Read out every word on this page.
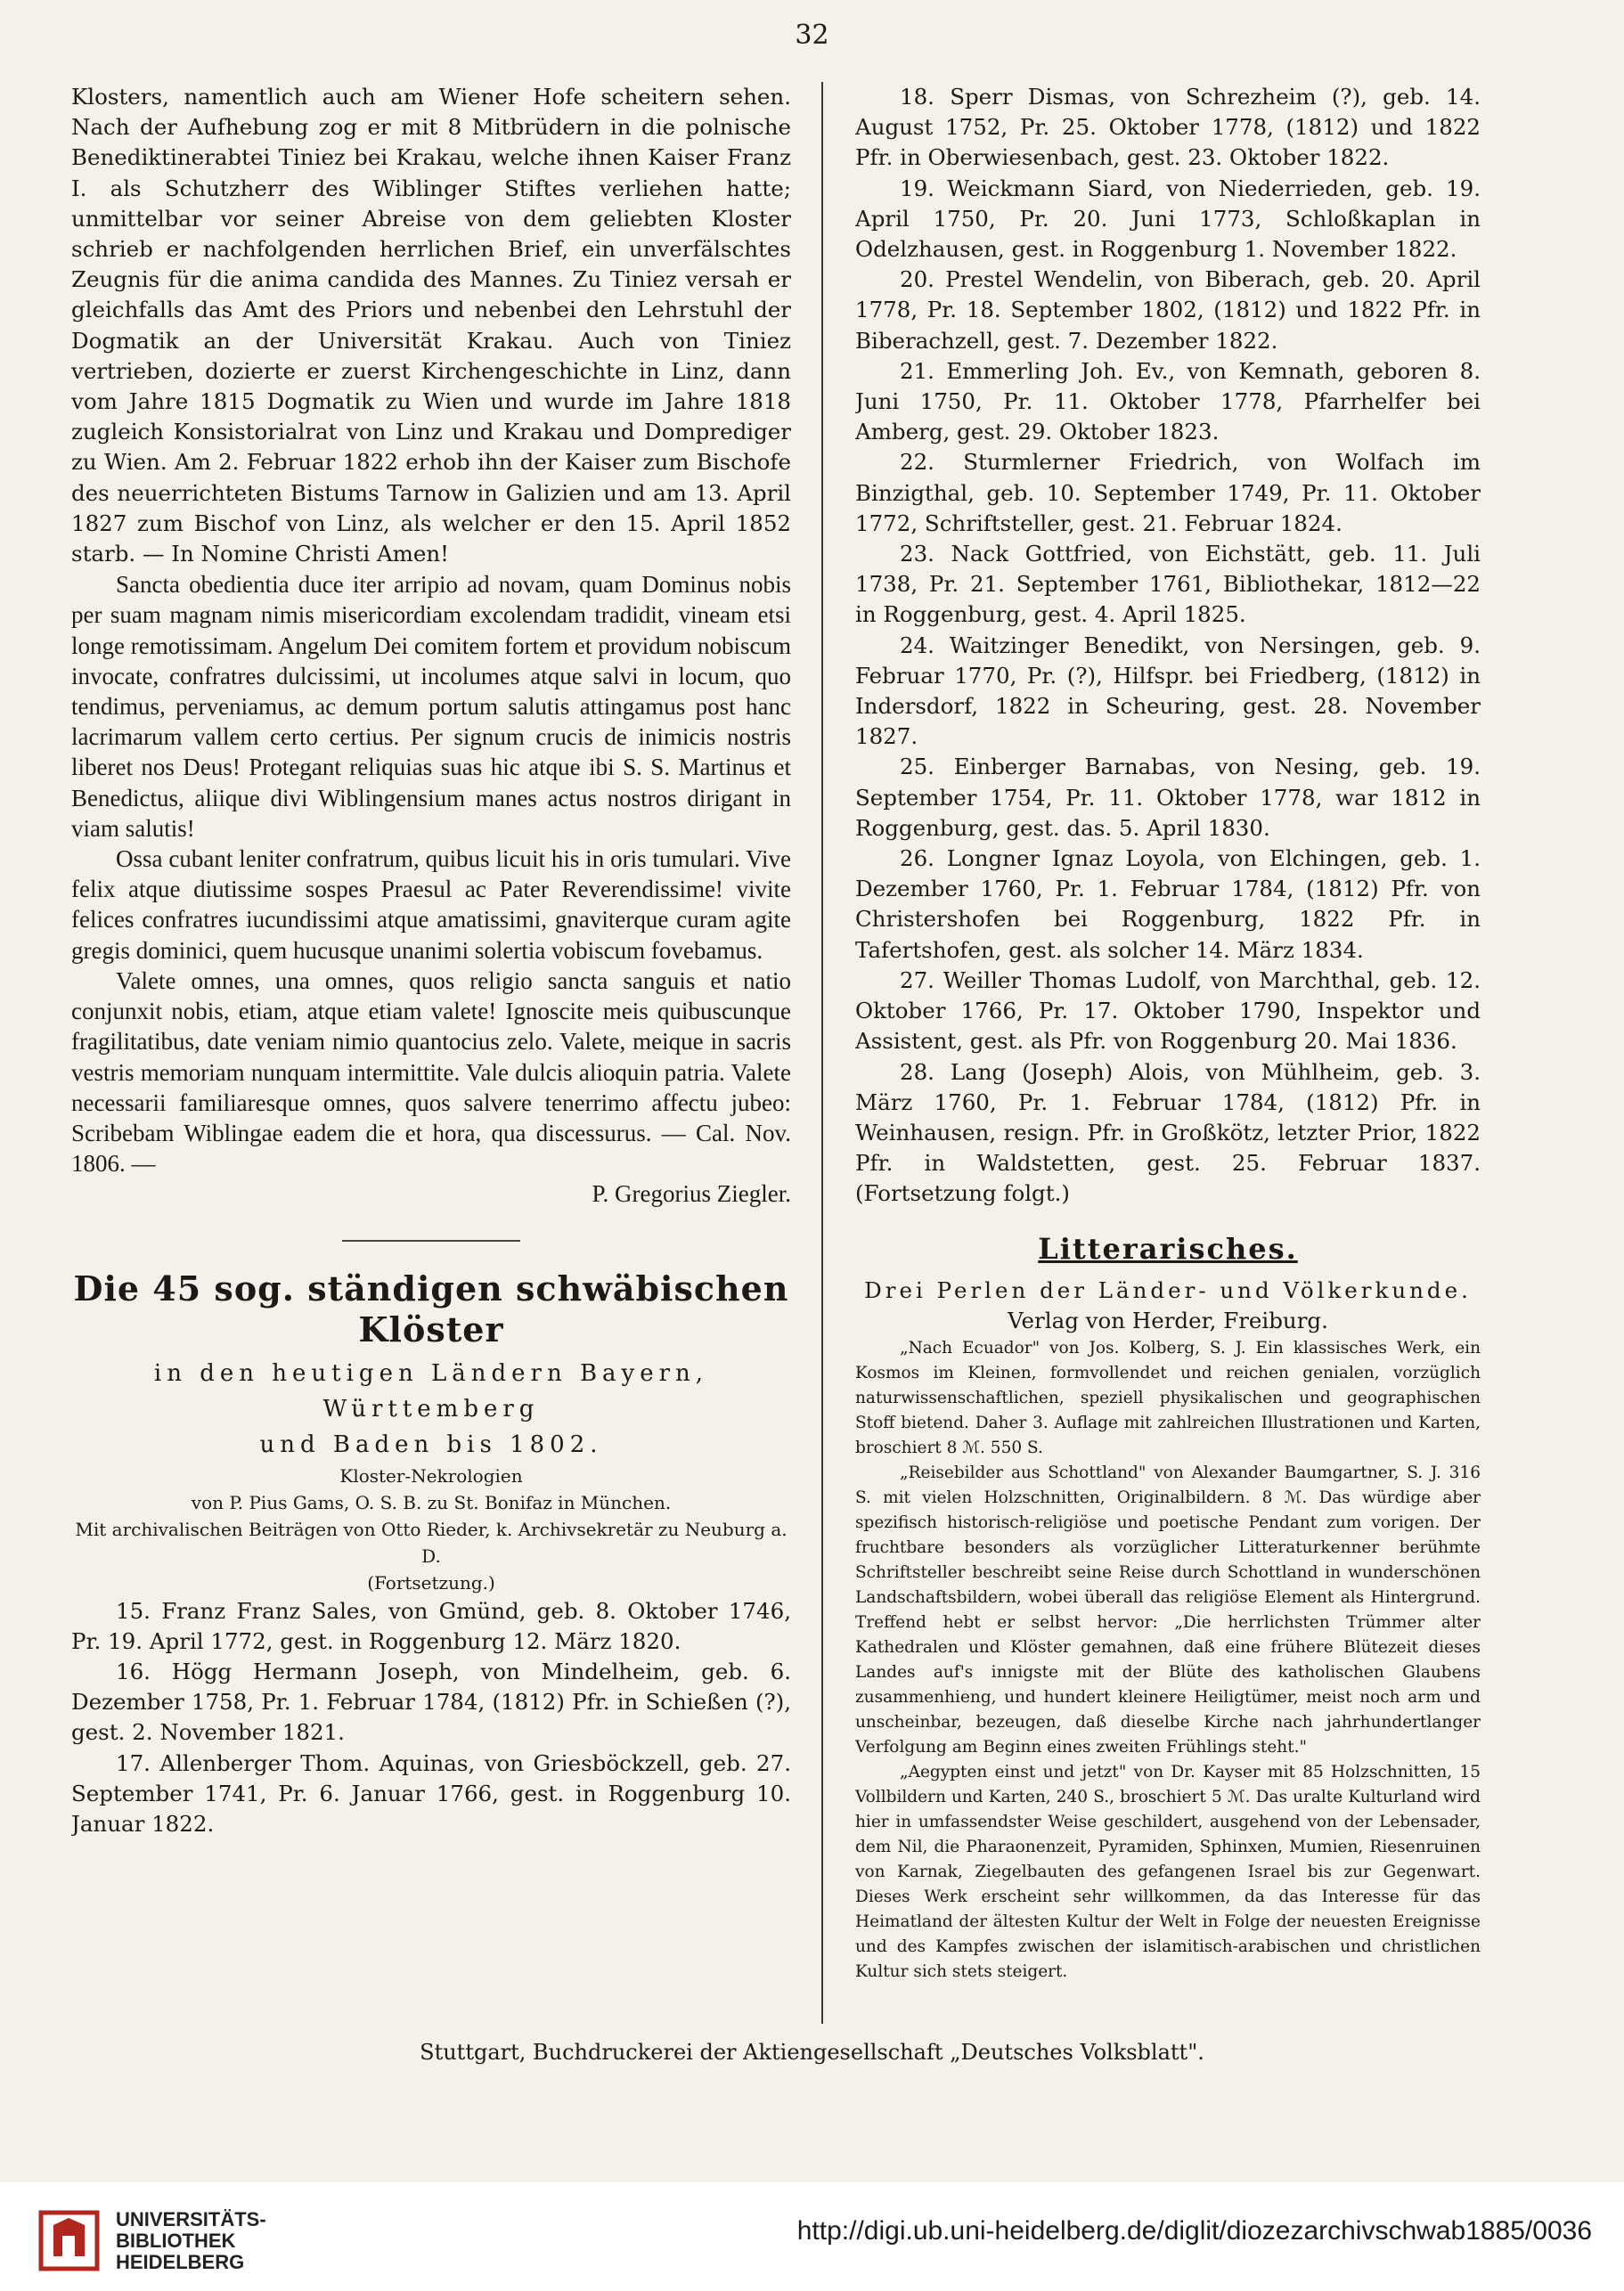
32

Klosters, namentlich auch am Wiener Hofe scheitern sehen. Nach der Aufhebung zog er mit 8 Mitbrüdern in die polnische Benediktinerabtei Tiniez bei Krakau, welche ihnen Kaiser Franz I. als Schutzherr des Wiblinger Stiftes verliehen hatte; unmittelbar vor seiner Abreise von dem geliebten Kloster schrieb er nachfolgenden herrlichen Brief, ein unverfälschtes Zeugnis für die anima candida des Mannes. Zu Tiniez versah er gleichfalls das Amt des Priors und nebenbei den Lehrstuhl der Dogmatik an der Universität Krakau. Auch von Tiniez vertrieben, dozierte er zuerst Kirchengeschichte in Linz, dann vom Jahre 1815 Dogmatik zu Wien und wurde im Jahre 1818 zugleich Konsistorialrat von Linz und Krakau und Domprediger zu Wien. Am 2. Februar 1822 erhob ihn der Kaiser zum Bischofe des neuerrichteten Bistums Tarnow in Galizien und am 13. April 1827 zum Bischof von Linz, als welcher er den 15. April 1852 starb. — In Nomine Christi Amen!

Sancta obedientia duce iter arripio ad novam, quam Dominus nobis per suam magnam nimis misericordiam excolendam tradidit, vineam etsi longe remotissimam. Angelum Dei comitem fortem et providum nobiscum invocate, confratres dulcissimi, ut incolumes atque salvi in locum, quo tendimus, perveniamus, ac demum portum salutis attingamus post hanc lacrimarum vallem certo certius. Per signum crucis de inimicis nostris liberet nos Deus! Protegant reliquias suas hic atque ibi S. S. Martinus et Benedictus, aliique divi Wiblingensium manes actus nostros dirigant in viam salutis!

Ossa cubant leniter confratrum, quibus licuit his in oris tumulari. Vive felix atque diutissime sospes Praesul ac Pater Reverendissime! vivite felices confratres iucundissimi atque amatissimi, gnaviterque curam agite gregis dominici, quem hucusque unanimi solertia vobiscum fovebamus.

Valete omnes, una omnes, quos religio sancta sanguis et natio conjunxit nobis, etiam, atque etiam valete! Ignoscite meis quibuscunque fragilitatibus, date veniam nimio quantocius zelo. Valete, meique in sacris vestris memoriam nunquam intermittite. Vale dulcis alioquin patria. Valete necessarii familiaresque omnes, quos salvere tenerrimo affectu jubeo: Scribebam Wiblingae eadem die et hora, qua discessurus. — Cal. Nov. 1806. —

P. Gregorius Ziegler.

Die 45 sog. ständigen schwäbischen Klöster
in den heutigen Ländern Bayern, Württemberg
und Baden bis 1802.
Kloster-Nekrologien
von P. Pius Gams, O. S. B. zu St. Bonifaz in München.
Mit archivalischen Beiträgen von Otto Rieder, k. Archivsekretär zu Neuburg a. D.
(Fortsetzung.)

15. Franz Franz Sales, von Gmünd, geb. 8. Oktober 1746, Pr. 19. April 1772, gest. in Roggenburg 12. März 1820.

16. Högg Hermann Joseph, von Mindelheim, geb. 6. Dezember 1758, Pr. 1. Februar 1784, (1812) Pfr. in Schießen (?), gest. 2. November 1821.

17. Allenberger Thom. Aquinas, von Griesböckzell, geb. 27. September 1741, Pr. 6. Januar 1766, gest. in Roggenburg 10. Januar 1822.

18. Sperr Dismas, von Schrezheim (?), geb. 14. August 1752, Pr. 25. Oktober 1778, (1812) und 1822 Pfr. in Oberwiesenbach, gest. 23. Oktober 1822.

19. Weickmann Siard, von Niederrieden, geb. 19. April 1750, Pr. 20. Juni 1773, Schloßkaplan in Odelzhausen, gest. in Roggenburg 1. November 1822.

20. Prestel Wendelin, von Biberach, geb. 20. April 1778, Pr. 18. September 1802, (1812) und 1822 Pfr. in Biberachzell, gest. 7. Dezember 1822.

21. Emmerling Joh. Ev., von Kemnath, geboren 8. Juni 1750, Pr. 11. Oktober 1778, Pfarrhelfer bei Amberg, gest. 29. Oktober 1823.

22. Sturmlerner Friedrich, von Wolfach im Binzigthal, geb. 10. September 1749, Pr. 11. Oktober 1772, Schriftsteller, gest. 21. Februar 1824.

23. Nack Gottfried, von Eichstätt, geb. 11. Juli 1738, Pr. 21. September 1761, Bibliothekar, 1812—22 in Roggenburg, gest. 4. April 1825.

24. Waitzinger Benedikt, von Nersingen, geb. 9. Februar 1770, Pr. (?), Hilfspr. bei Friedberg, (1812) in Indersdorf, 1822 in Scheuring, gest. 28. November 1827.

25. Einberger Barnabas, von Nesing, geb. 19. September 1754, Pr. 11. Oktober 1778, war 1812 in Roggenburg, gest. das. 5. April 1830.

26. Longner Ignaz Loyola, von Elchingen, geb. 1. Dezember 1760, Pr. 1. Februar 1784, (1812) Pfr. von Christershofen bei Roggenburg, 1822 Pfr. in Tafertshofen, gest. als solcher 14. März 1834.

27. Weiller Thomas Ludolf, von Marchthal, geb. 12. Oktober 1766, Pr. 17. Oktober 1790, Inspektor und Assistent, gest. als Pfr. von Roggenburg 20. Mai 1836.

28. Lang (Joseph) Alois, von Mühlheim, geb. 3. März 1760, Pr. 1. Februar 1784, (1812) Pfr. in Weinhausen, resign. Pfr. in Großkötz, letzter Prior, 1822 Pfr. in Waldstetten, gest. 25. Februar 1837. (Fortsetzung folgt.)

Litterarisches.
Drei Perlen der Länder- und Völkerkunde.
Verlag von Herder, Freiburg.

„Nach Ecuador" von Jos. Kolberg, S. J. Ein klassisches Werk, ein Kosmos im Kleinen, formvollendet und reichen genialen, vorzüglich naturwissenschaftlichen, speziell physikalischen und geographischen Stoff bietend. Daher 3. Auflage mit zahlreichen Illustrationen und Karten, broschiert 8 ℳ. 550 S.

„Reisebilder aus Schottland" von Alexander Baumgartner, S. J. 316 S. mit vielen Holzschnitten, Originalbildern. 8 ℳ. Das würdige aber spezifisch historisch-religiöse und poetische Pendant zum vorigen. Der fruchtbare besonders als vorzüglicher Litteraturkenner berühmte Schriftsteller beschreibt seine Reise durch Schottland in wunderschönen Landschaftsbildern, wobei überall das religiöse Element als Hintergrund. Treffend hebt er selbst hervor: „Die herrlichsten Trümmer alter Kathedralen und Klöster gemahnen, daß eine frühere Blütezeit dieses Landes auf's innigste mit der Blüte des katholischen Glaubens zusammenhieng, und hundert kleinere Heiligtümer, meist noch arm und unscheinbar, bezeugen, daß dieselbe Kirche nach jahrhundertlanger Verfolgung am Beginn eines zweiten Frühlings steht."

„Aegypten einst und jetzt" von Dr. Kayser mit 85 Holzschnitten, 15 Vollbildern und Karten, 240 S., broschiert 5 ℳ. Das uralte Kulturland wird hier in umfassendster Weise geschildert, ausgehend von der Lebensader, dem Nil, die Pharaonenzeit, Pyramiden, Sphinxen, Mumien, Riesenruinen von Karnak, Ziegelbauten des gefangenen Israel bis zur Gegenwart. Dieses Werk erscheint sehr willkommen, da das Interesse für das Heimatland der ältesten Kultur der Welt in Folge der neuesten Ereignisse und des Kampfes zwischen der islamitisch-arabischen und christlichen Kultur sich stets steigert.

Stuttgart, Buchdruckerei der Aktiengesellschaft „Deutsches Volksblatt".
UNIVERSITÄTS-
BIBLIOTHEK
HEIDELBERG
http://digi.ub.uni-heidelberg.de/diglit/diozezarchivschwab1885/0036
